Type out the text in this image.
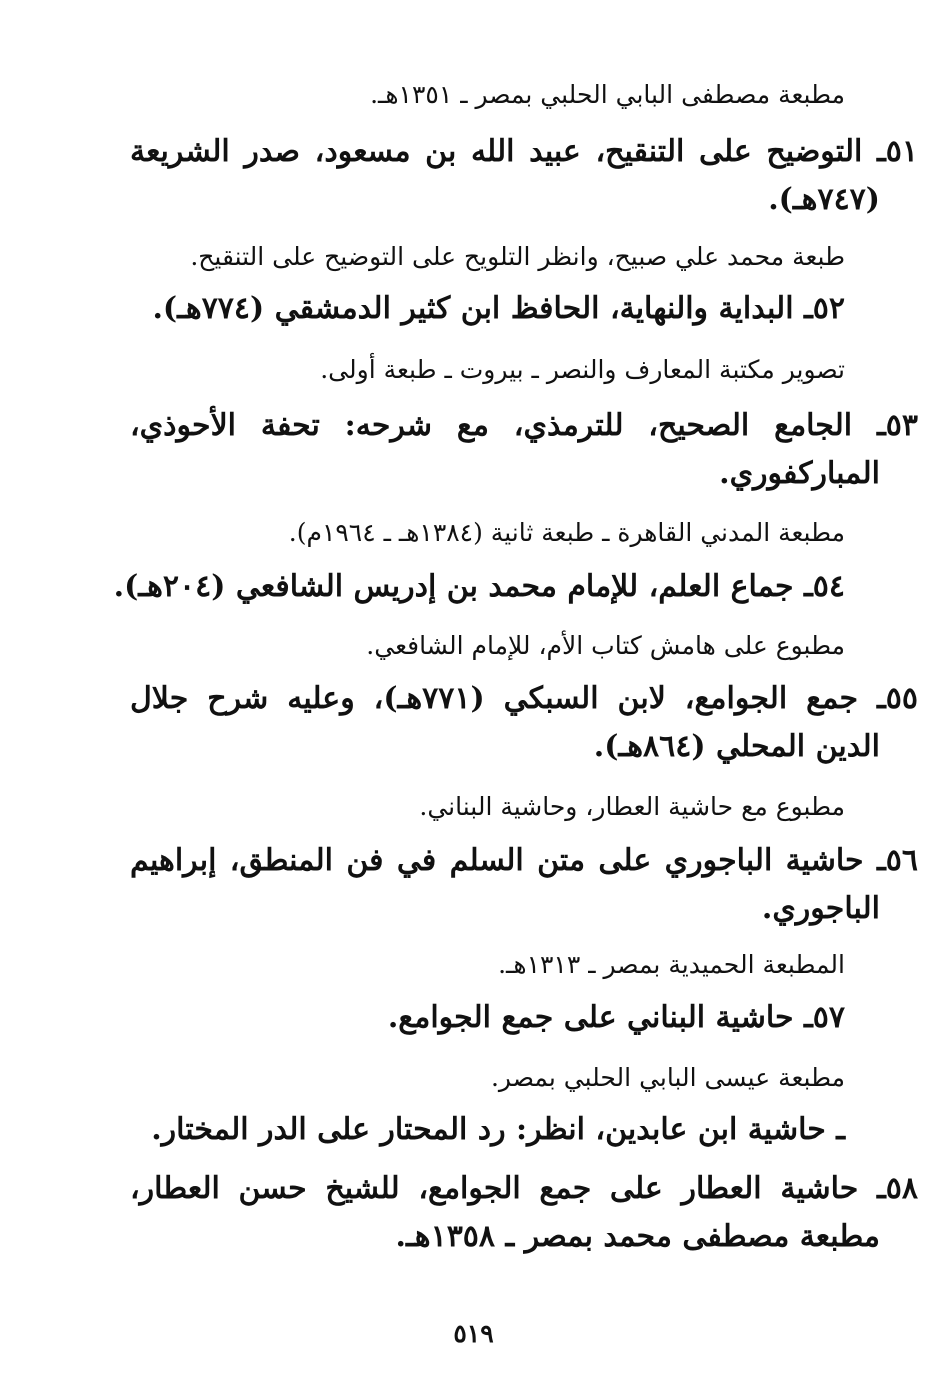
مطبعة مصطفى البابي الحلبي بمصر ـ ١٣٥١هـ.
٥١ـ التوضيح على التنقيح، عبيد الله بن مسعود، صدر الشريعة (٧٤٧هـ).
طبعة محمد علي صبيح، وانظر التلويح على التوضيح على التنقيح.
٥٢ـ البداية والنهاية، الحافظ ابن كثير الدمشقي (٧٧٤هـ).
تصوير مكتبة المعارف والنصر ـ بيروت ـ طبعة أولى.
٥٣ـ الجامع الصحيح، للترمذي، مع شرحه: تحفة الأحوذي، المباركفوري.
مطبعة المدني القاهرة ـ طبعة ثانية (١٣٨٤هـ ـ ١٩٦٤م).
٥٤ـ جماع العلم، للإمام محمد بن إدريس الشافعي (٢٠٤هـ).
مطبوع على هامش كتاب الأم، للإمام الشافعي.
٥٥ـ جمع الجوامع، لابن السبكي (٧٧١هـ)، وعليه شرح جلال الدين المحلي (٨٦٤هـ).
مطبوع مع حاشية العطار، وحاشية البناني.
٥٦ـ حاشية الباجوري على متن السلم في فن المنطق، إبراهيم الباجوري.
المطبعة الحميدية بمصر ـ ١٣١٣هـ.
٥٧ـ حاشية البناني على جمع الجوامع.
مطبعة عيسى البابي الحلبي بمصر.
ـ حاشية ابن عابدين، انظر: رد المحتار على الدر المختار.
٥٨ـ حاشية العطار على جمع الجوامع، للشيخ حسن العطار، مطبعة مصطفى محمد بمصر ـ ١٣٥٨هـ.
٥١٩
